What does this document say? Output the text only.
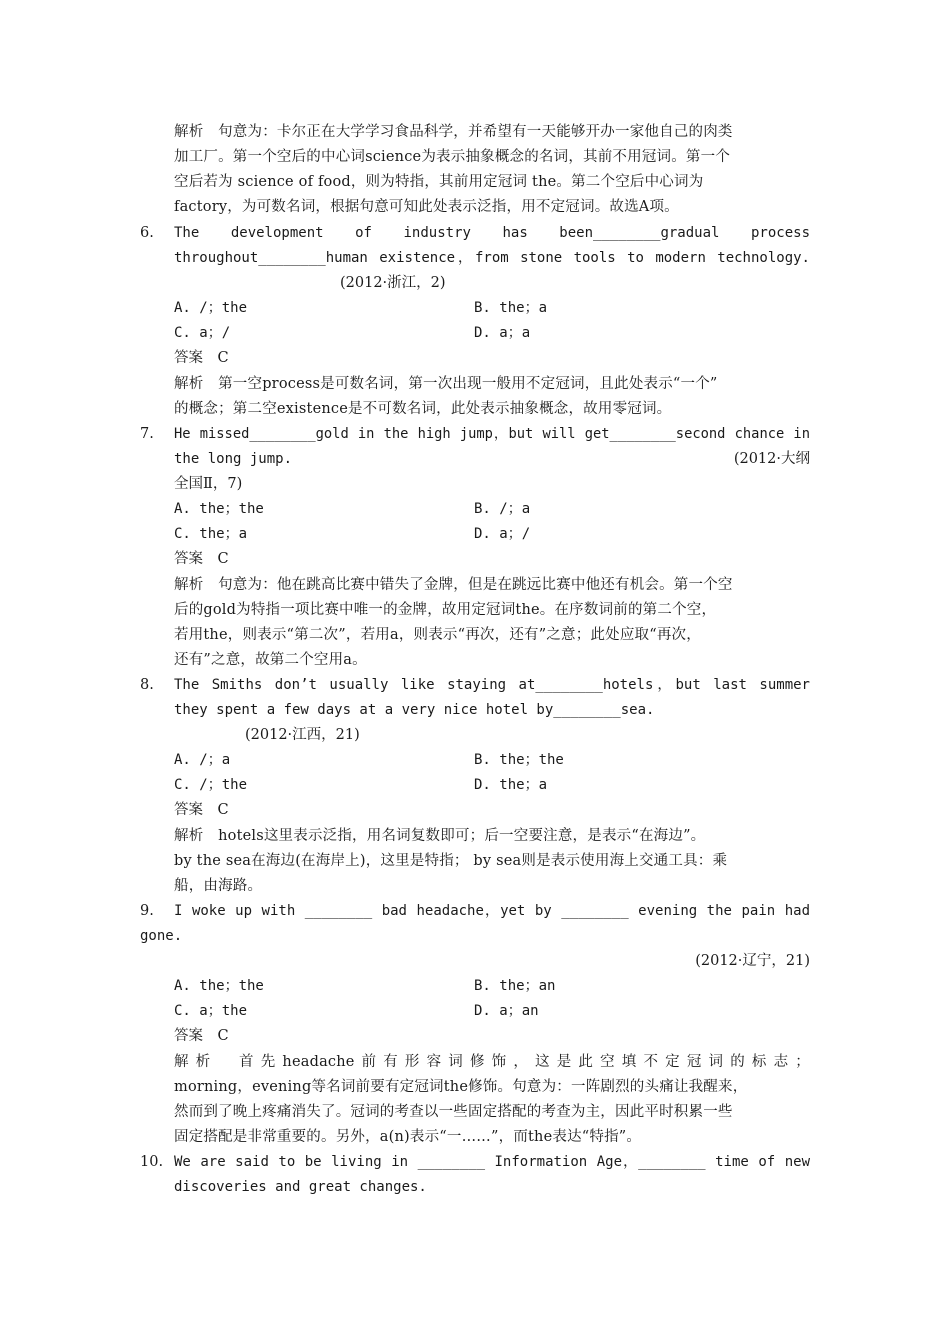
解析　句意为：卡尔正在大学学习食品科学，并希望有一天能够开办一家他自己的肉类
加工厂。第一个空后的中心词science为表示抽象概念的名词，其前不用冠词。第一个
空后若为 science of food，则为特指，其前用定冠词 the。第二个空后中心词为
factory，为可数名词，根据句意可知此处表示泛指，用不定冠词。故选A项。
6.	The development of industry has been________gradual process
throughout________human existence，from stone tools to modern technology.
(2012·浙江，2)
A. /；the	B. the；a
C. a；/	D. a；a
答案　C
解析　第一空process是可数名词，第一次出现一般用不定冠词，且此处表示“一个”
的概念；第二空existence是不可数名词，此处表示抽象概念，故用零冠词。
7.	He missed________gold in the high jump，but will get________second chance in
the long jump.	(2012·大纲
全国Ⅱ，7)
A. the；the	B. /；a
C. the；a	D. a；/
答案　C
解析　句意为：他在跳高比赛中错失了金牌，但是在跳远比赛中他还有机会。第一个空
后的gold为特指一项比赛中唯一的金牌，故用定冠词the。在序数词前的第二个空，
若用the，则表示“第二次”，若用a，则表示“再次，还有”之意；此处应取“再次，
还有”之意，故第二个空用a。
8.	The Smiths don’t usually like staying at________hotels，but last summer
they spent a few days at a very nice hotel by________sea.
(2012·江西，21)
A. /；a	B. the；the
C. /；the	D. the；a
答案　C
解析　hotels这里表示泛指，用名词复数即可；后一空要注意，是表示“在海边”。
by the sea在海边(在海岸上)，这里是特指； by sea则是表示使用海上交通工具：乘
船，由海路。
9.	I woke up with ________ bad headache，yet by ________ evening the pain had
gone.
(2012·辽宁，21)
A. the；the	B. the；an
C. a；the	D. a；an
答案　C
解析　首先headache前有形容词修饰，这是此空填不定冠词的标志；
morning，evening等名词前要有定冠词the修饰。句意为：一阵剧烈的头痛让我醒来，
然而到了晚上疼痛消失了。冠词的考查以一些固定搭配的考查为主，因此平时积累一些
固定搭配是非常重要的。另外，a(n)表示“一……”，而the表达“特指”。
10. We are said to be living in ________ Information Age，________ time of new
discoveries and great changes.
